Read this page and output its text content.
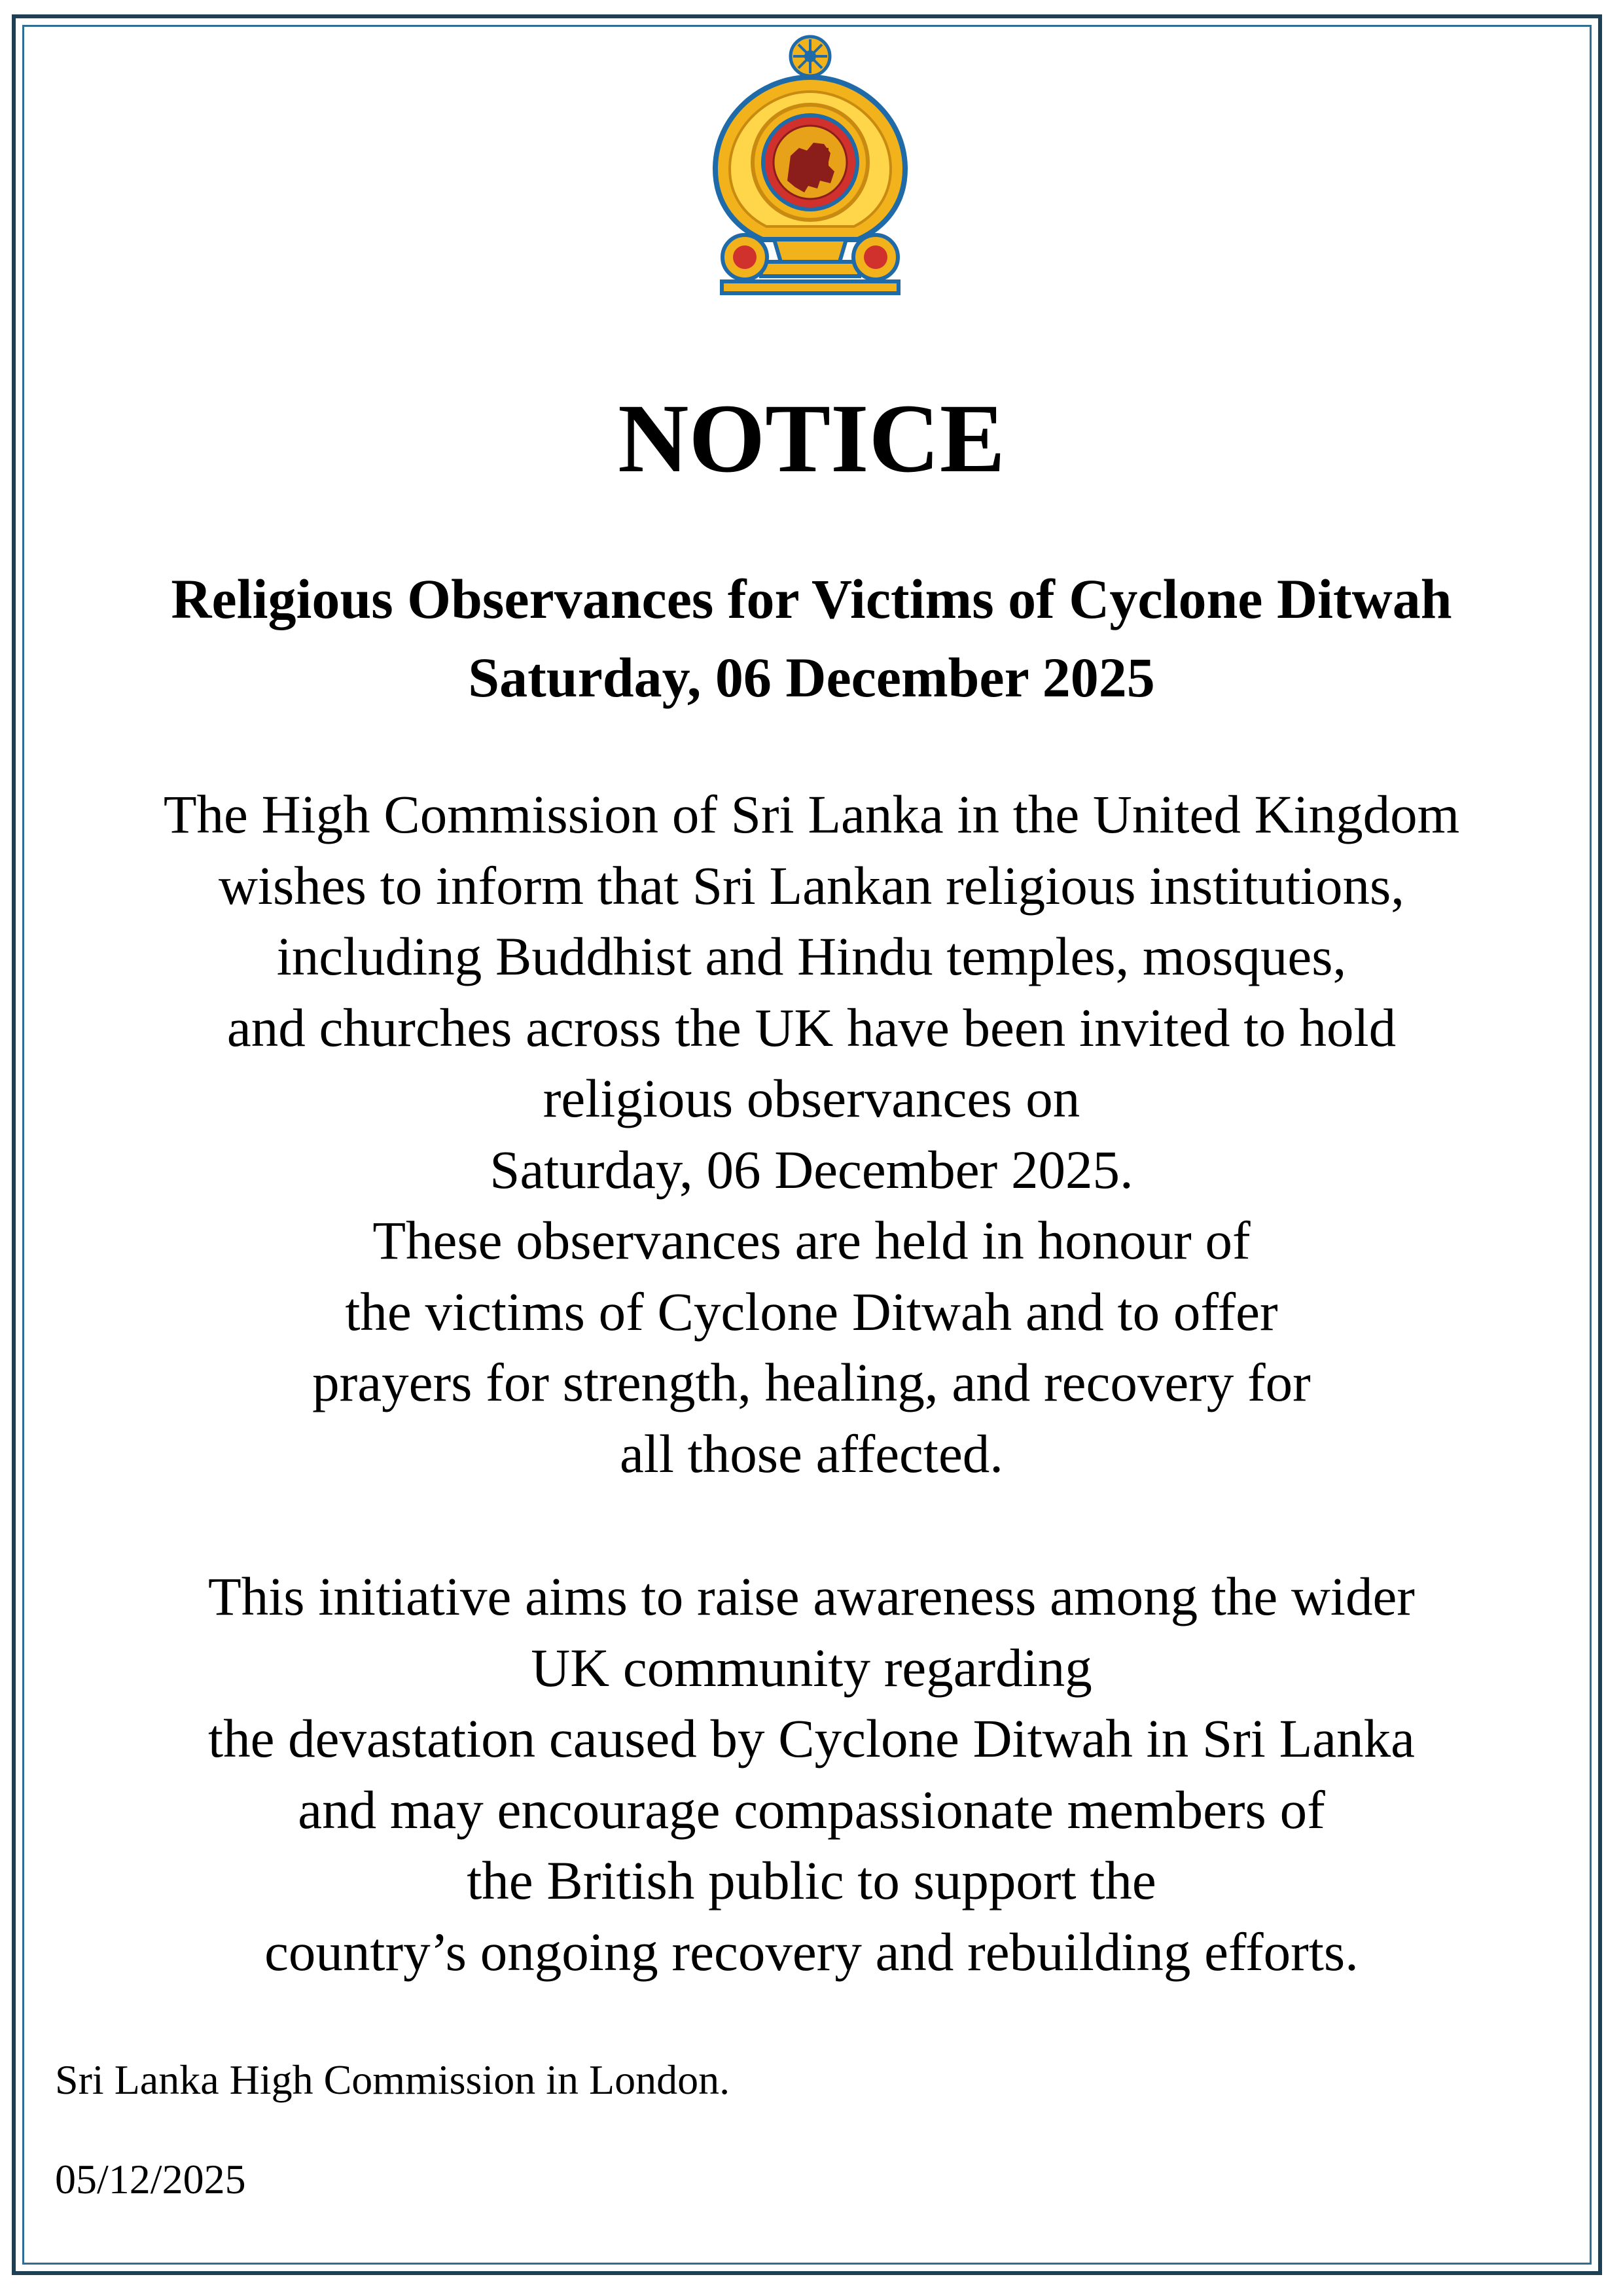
NOTICE

Religious Observances for Victims of Cyclone Ditwah

Saturday, 06 December 2025

The High Commission of Sri Lanka in the United Kingdom
wishes to inform that Sri Lankan religious institutions,
including Buddhist and Hindu temples, mosques,
and churches across the UK have been invited to hold
religious observances on
Saturday, 06 December 2025.
These observances are held in honour of
the victims of Cyclone Ditwah and to offer
prayers for strength, healing, and recovery for
all those affected.

This initiative aims to raise awareness among the wider
UK community regarding
the devastation caused by Cyclone Ditwah in Sri Lanka
and may encourage compassionate members of
the British public to support the
country’s ongoing recovery and rebuilding efforts.

Sri Lanka High Commission in London.

05/12/2025
